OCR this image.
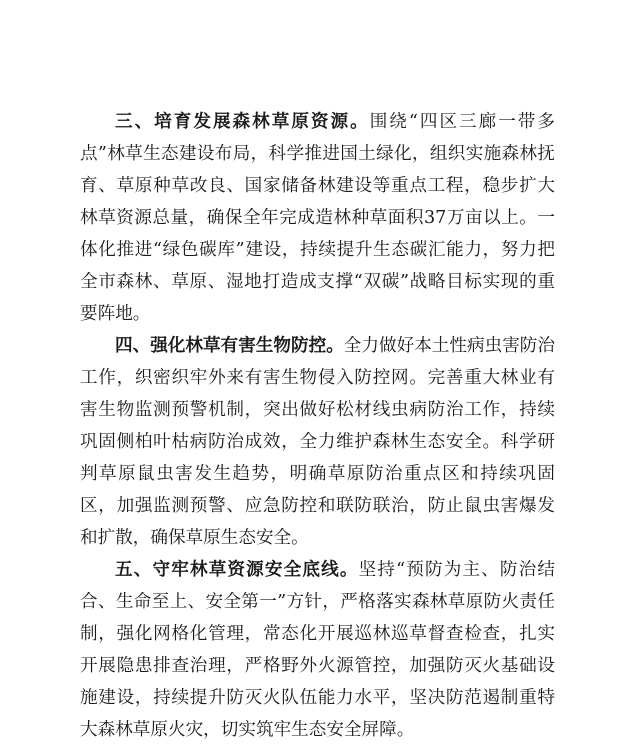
三、培育发展森林草原资源。围绕“四区三廊一带多点”林草生态建设布局，科学推进国土绿化，组织实施森林抚育、草原种草改良、国家储备林建设等重点工程，稳步扩大林草资源总量，确保全年完成造林种草面积37万亩以上。一体化推进“绿色碳库”建设，持续提升生态碳汇能力，努力把全市森林、草原、湿地打造成支撑“双碳”战略目标实现的重要阵地。

四、强化林草有害生物防控。全力做好本土性病虫害防治工作，织密织牢外来有害生物侵入防控网。完善重大林业有害生物监测预警机制，突出做好松材线虫病防治工作，持续巩固侧柏叶枯病防治成效，全力维护森林生态安全。科学研判草原鼠虫害发生趋势，明确草原防治重点区和持续巩固区，加强监测预警、应急防控和联防联治，防止鼠虫害爆发和扩散，确保草原生态安全。

五、守牢林草资源安全底线。坚持“预防为主、防治结合、生命至上、安全第一”方针，严格落实森林草原防火责任制，强化网格化管理，常态化开展巡林巡草督查检查，扎实开展隐患排查治理，严格野外火源管控，加强防灭火基础设施建设，持续提升防灭火队伍能力水平，坚决防范遏制重特大森林草原火灾，切实筑牢生态安全屏障。
